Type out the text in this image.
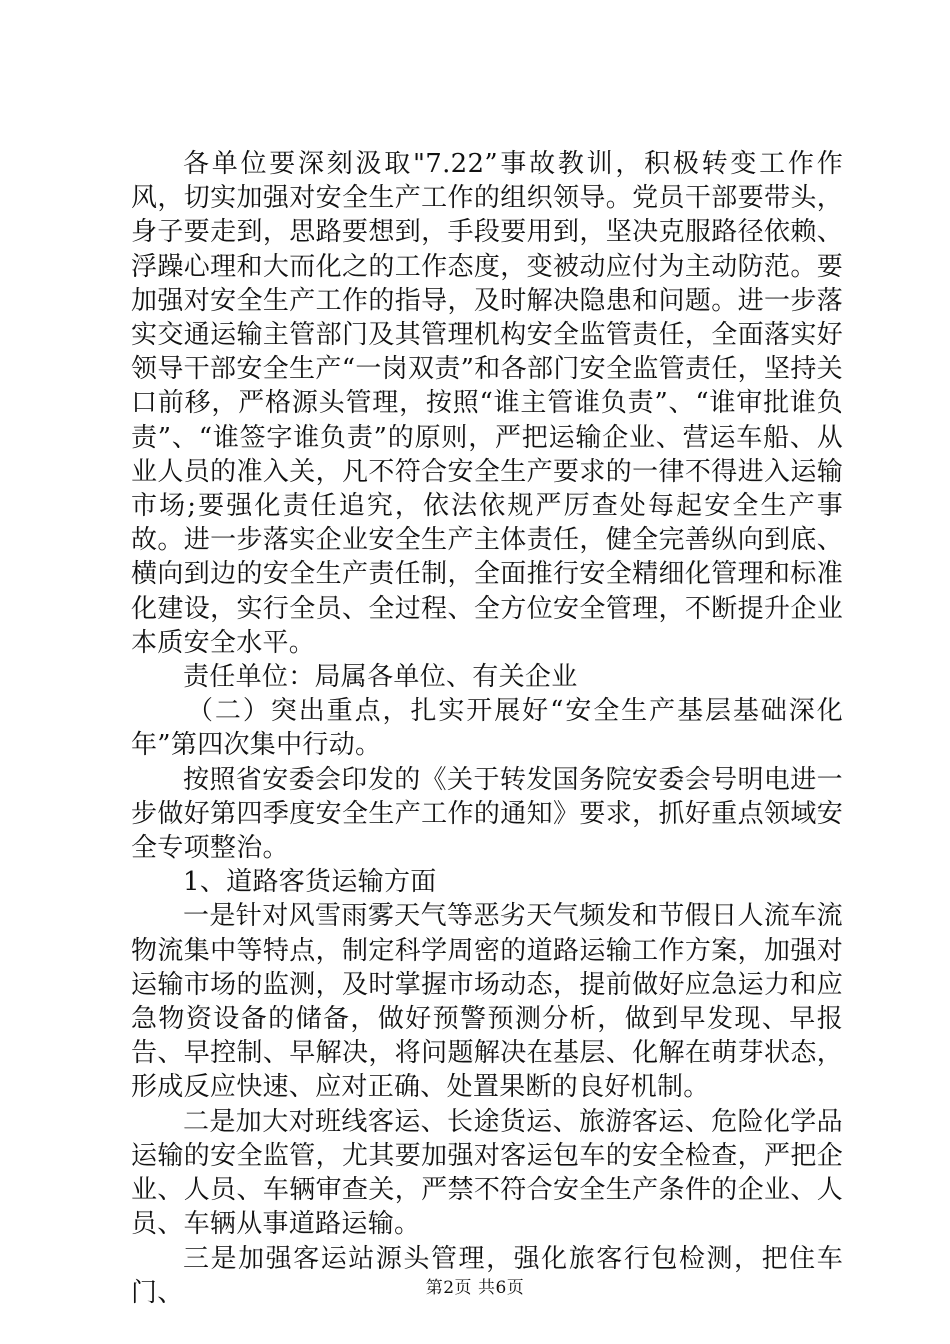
各单位要深刻汲取"7.22”事故教训，积极转变工作作风，切实加强对安全生产工作的组织领导。党员干部要带头，身子要走到，思路要想到，手段要用到，坚决克服路径依赖、浮躁心理和大而化之的工作态度，变被动应付为主动防范。要加强对安全生产工作的指导，及时解决隐患和问题。进一步落实交通运输主管部门及其管理机构安全监管责任，全面落实好领导干部安全生产“一岗双责”和各部门安全监管责任，坚持关口前移，严格源头管理，按照“谁主管谁负责”、“谁审批谁负责”、“谁签字谁负责”的原则，严把运输企业、营运车船、从业人员的准入关，凡不符合安全生产要求的一律不得进入运输市场;要强化责任追究，依法依规严厉查处每起安全生产事故。进一步落实企业安全生产主体责任，健全完善纵向到底、横向到边的安全生产责任制，全面推行安全精细化管理和标准化建设，实行全员、全过程、全方位安全管理，不断提升企业本质安全水平。

责任单位：局属各单位、有关企业

（二）突出重点，扎实开展好“安全生产基层基础深化年”第四次集中行动。

按照省安委会印发的《关于转发国务院安委会号明电进一步做好第四季度安全生产工作的通知》要求，抓好重点领域安全专项整治。

1、道路客货运输方面

一是针对风雪雨雾天气等恶劣天气频发和节假日人流车流物流集中等特点，制定科学周密的道路运输工作方案，加强对运输市场的监测，及时掌握市场动态，提前做好应急运力和应急物资设备的储备，做好预警预测分析，做到早发现、早报告、早控制、早解决，将问题解决在基层、化解在萌芽状态，形成反应快速、应对正确、处置果断的良好机制。

二是加大对班线客运、长途货运、旅游客运、危险化学品运输的安全监管，尤其要加强对客运包车的安全检查，严把企业、人员、车辆审查关，严禁不符合安全生产条件的企业、人员、车辆从事道路运输。

三是加强客运站源头管理，强化旅客行包检测，把住车门、	第2页 共6页
